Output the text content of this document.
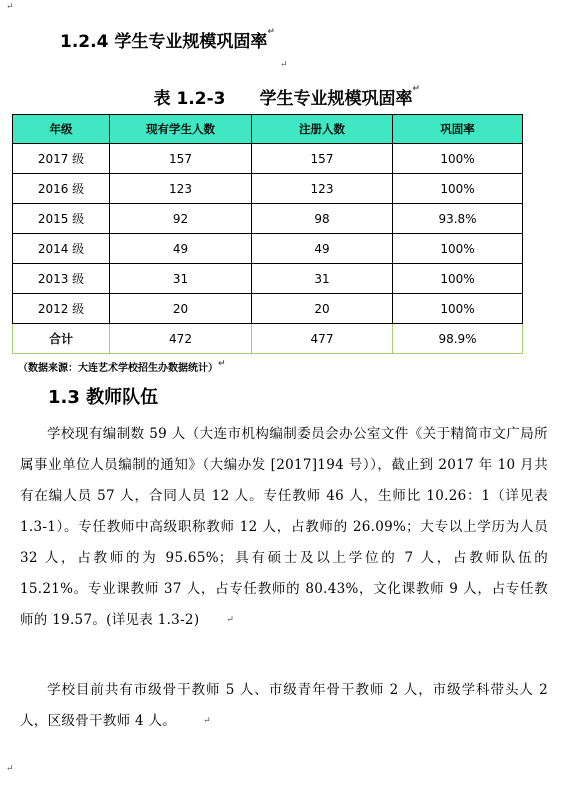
↵
1.2.4 学生专业规模巩固率 ↵
↵
表 1.2-3　　学生专业规模巩固率 ↵
年级	现有学生人数	注册人数	巩固率
2017 级	157	157	100%
2016 级	123	123	100%
2015 级	92	98	93.8%
2014 级	49	49	100%
2013 级	31	31	100%
2012 级	20	20	100%
合计	472	477	98.9%
（数据来源：大连艺术学校招生办数据统计） ↵
1.3 教师队伍
学校现有编制数 59 人（大连市机构编制委员会办公室文件《关于精简市文广局所属事业单位人员编制的通知》（大编办发 [2017]194 号）），截止到 2017 年 10 月共有在编人员 57 人，合同人员 12 人。专任教师 46 人，生师比 10.26：1（详见表 1.3-1）。专任教师中高级职称教师 12 人，占教师的 26.09%；大专以上学历为人员 32 人，占教师的为 95.65%；具有硕士及以上学位的 7 人，占教师队伍的 15.21%。专业课教师 37 人，占专任教师的 80.43%，文化课教师 9 人，占专任教师的 19.57。(详见表 1.3-2)	↵
学校目前共有市级骨干教师 5 人、市级青年骨干教师 2 人，市级学科带头人 2 人，区级骨干教师 4 人。	↵
↵
